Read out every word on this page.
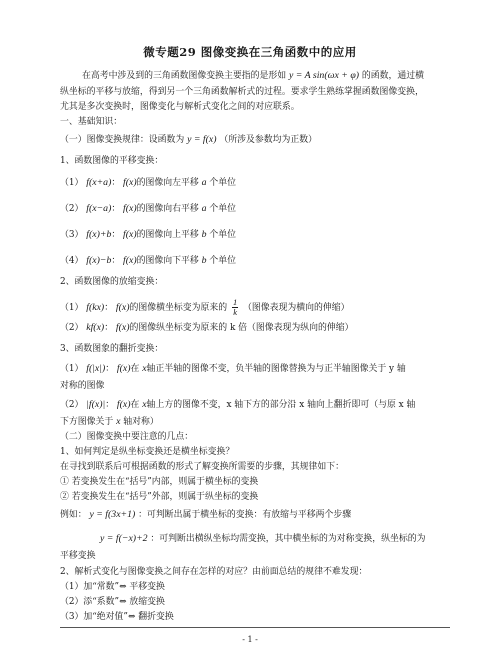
微专题29 图像变换在三角函数中的应用
在高考中涉及到的三角函数图像变换主要指的是形如 y = A sin(ωx + φ) 的函数，通过横
纵坐标的平移与放缩，得到另一个三角函数解析式的过程。要求学生熟练掌握函数图像变换，
尤其是多次变换时，图像变化与解析式变化之间的对应联系。
一、基础知识：
（一）图像变换规律：设函数为 y = f(x) （所涉及参数均为正数）
1、函数图像的平移变换：
（1） f(x+a)： f(x)的图像向左平移 a 个单位
（2） f(x−a)： f(x)的图像向右平移 a 个单位
（3） f(x)+b： f(x)的图像向上平移 b 个单位
（4） f(x)−b： f(x)的图像向下平移 b 个单位
2、函数图像的放缩变换：
（1） f(kx)： f(x)的图像横坐标变为原来的 $\frac{1}{k}$ （图像表现为横向的伸缩）
（2） kf(x)： f(x)的图像纵坐标变为原来的 k 倍（图像表现为纵向的伸缩）
3、函数图象的翻折变换：
（1） f(|x|)： f(x)在 x轴正半轴的图像不变，负半轴的图像替换为与正半轴图像关于 y 轴
对称的图像
（2） |f(x)|： f(x)在 x轴上方的图像不变，x 轴下方的部分沿 x 轴向上翻折即可（与原 x 轴
下方图像关于 x 轴对称）
（二）图像变换中要注意的几点：
1、如何判定是纵坐标变换还是横坐标变换？
在寻找到联系后可根据函数的形式了解变换所需要的步骤，其规律如下：
① 若变换发生在“括号”内部，则属于横坐标的变换
② 若变换发生在“括号”外部，则属于纵坐标的变换
例如： y = f(3x+1) ：可判断出属于横坐标的变换：有放缩与平移两个步骤
y = f(−x)+2 ：可判断出横纵坐标均需变换，其中横坐标的为对称变换，纵坐标的为
平移变换
2、解析式变化与图像变换之间存在怎样的对应？由前面总结的规律不难发现：
（1）加“常数”⇔ 平移变换
（2）添“系数”⇔ 放缩变换
（3）加“绝对值”⇔ 翻折变换
- 1 -
